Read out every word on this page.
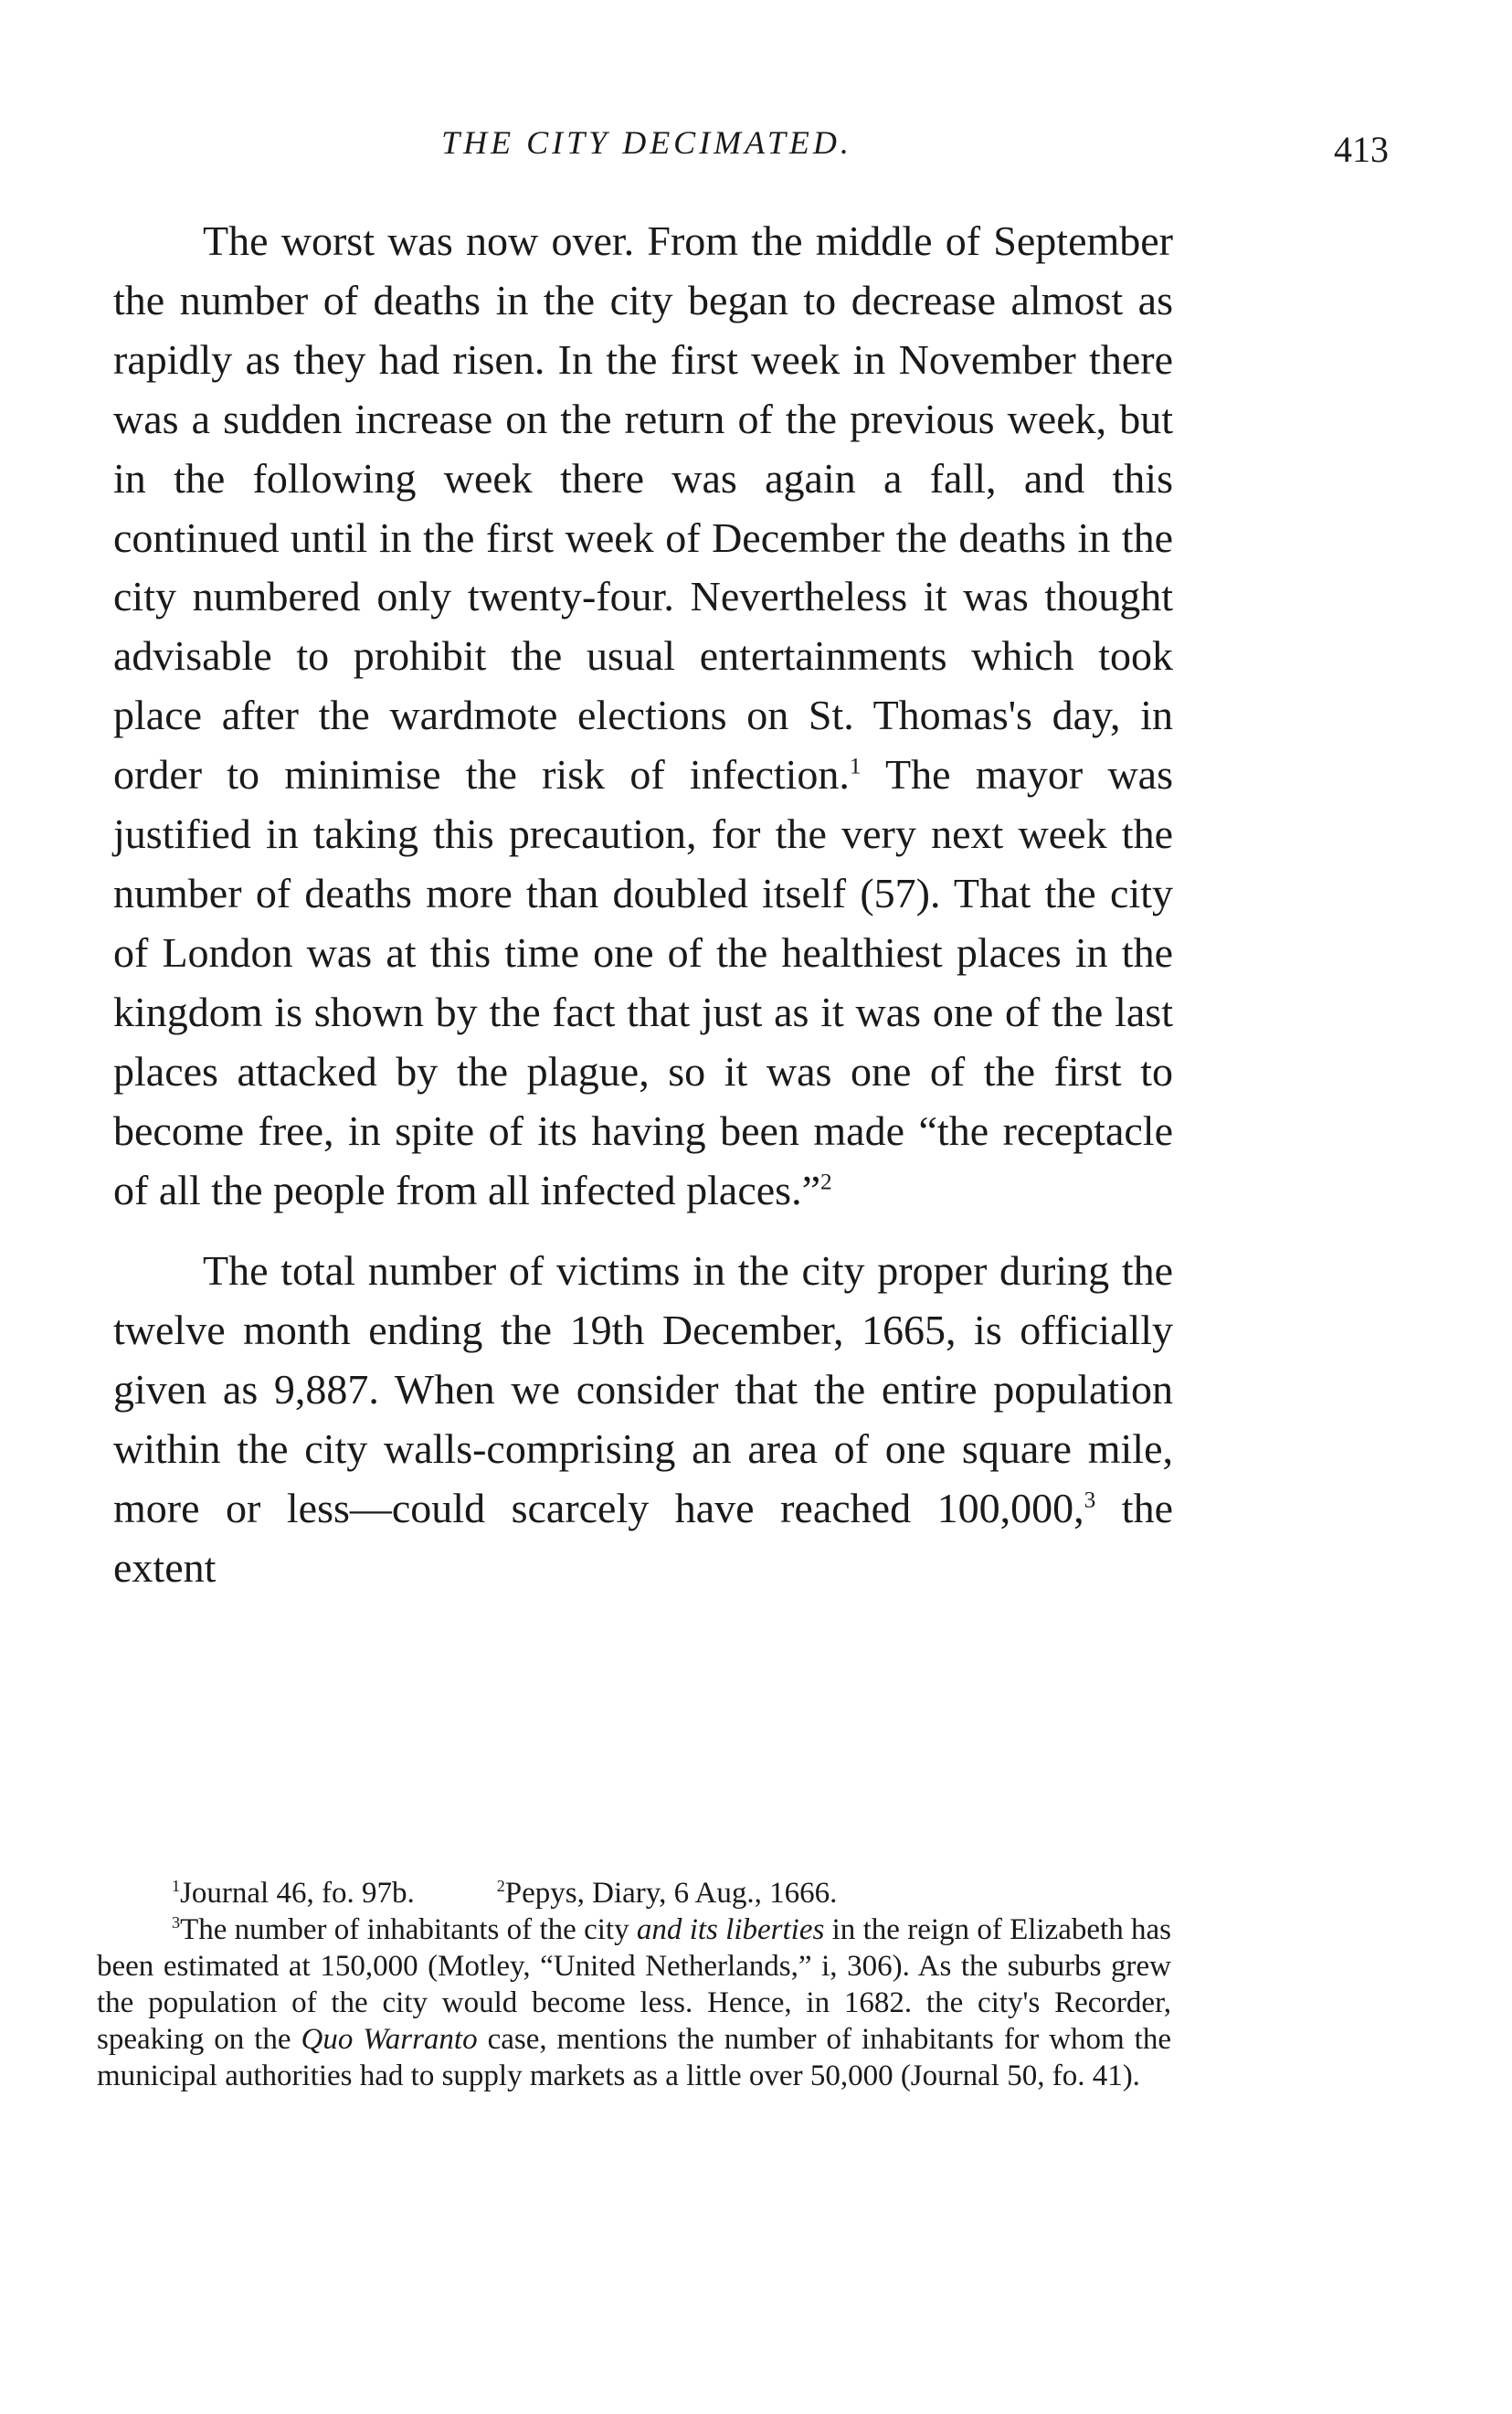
THE CITY DECIMATED.	413

The worst was now over. From the middle of September the number of deaths in the city began to decrease almost as rapidly as they had risen. In the first week in November there was a sudden increase on the return of the previous week, but in the following week there was again a fall, and this continued until in the first week of December the deaths in the city numbered only twenty-four. Nevertheless it was thought advisable to prohibit the usual entertainments which took place after the wardmote elections on St. Thomas's day, in order to minimise the risk of infection.$^1$ The mayor was justified in taking this precaution, for the very next week the number of deaths more than doubled itself (57). That the city of London was at this time one of the healthiest places in the kingdom is shown by the fact that just as it was one of the last places attacked by the plague, so it was one of the first to become free, in spite of its having been made “the receptacle of all the people from all infected places.”$^2$

The total number of victims in the city proper during the twelve month ending the 19th December, 1665, is officially given as 9,887. When we consider that the entire population within the city walls-comprising an area of one square mile, more or less—could scarcely have reached 100,000,$^3$ the extent

$^1$Journal 46, fo. 97b.	$^2$Pepys, Diary, 6 Aug., 1666.
$^3$The number of inhabitants of the city and its liberties in the reign of Elizabeth has been estimated at 150,000 (Motley, “United Netherlands,” i, 306). As the suburbs grew the population of the city would become less. Hence, in 1682. the city's Recorder, speaking on the Quo Warranto case, mentions the number of inhabitants for whom the municipal authorities had to supply markets as a little over 50,000 (Journal 50, fo. 41).
